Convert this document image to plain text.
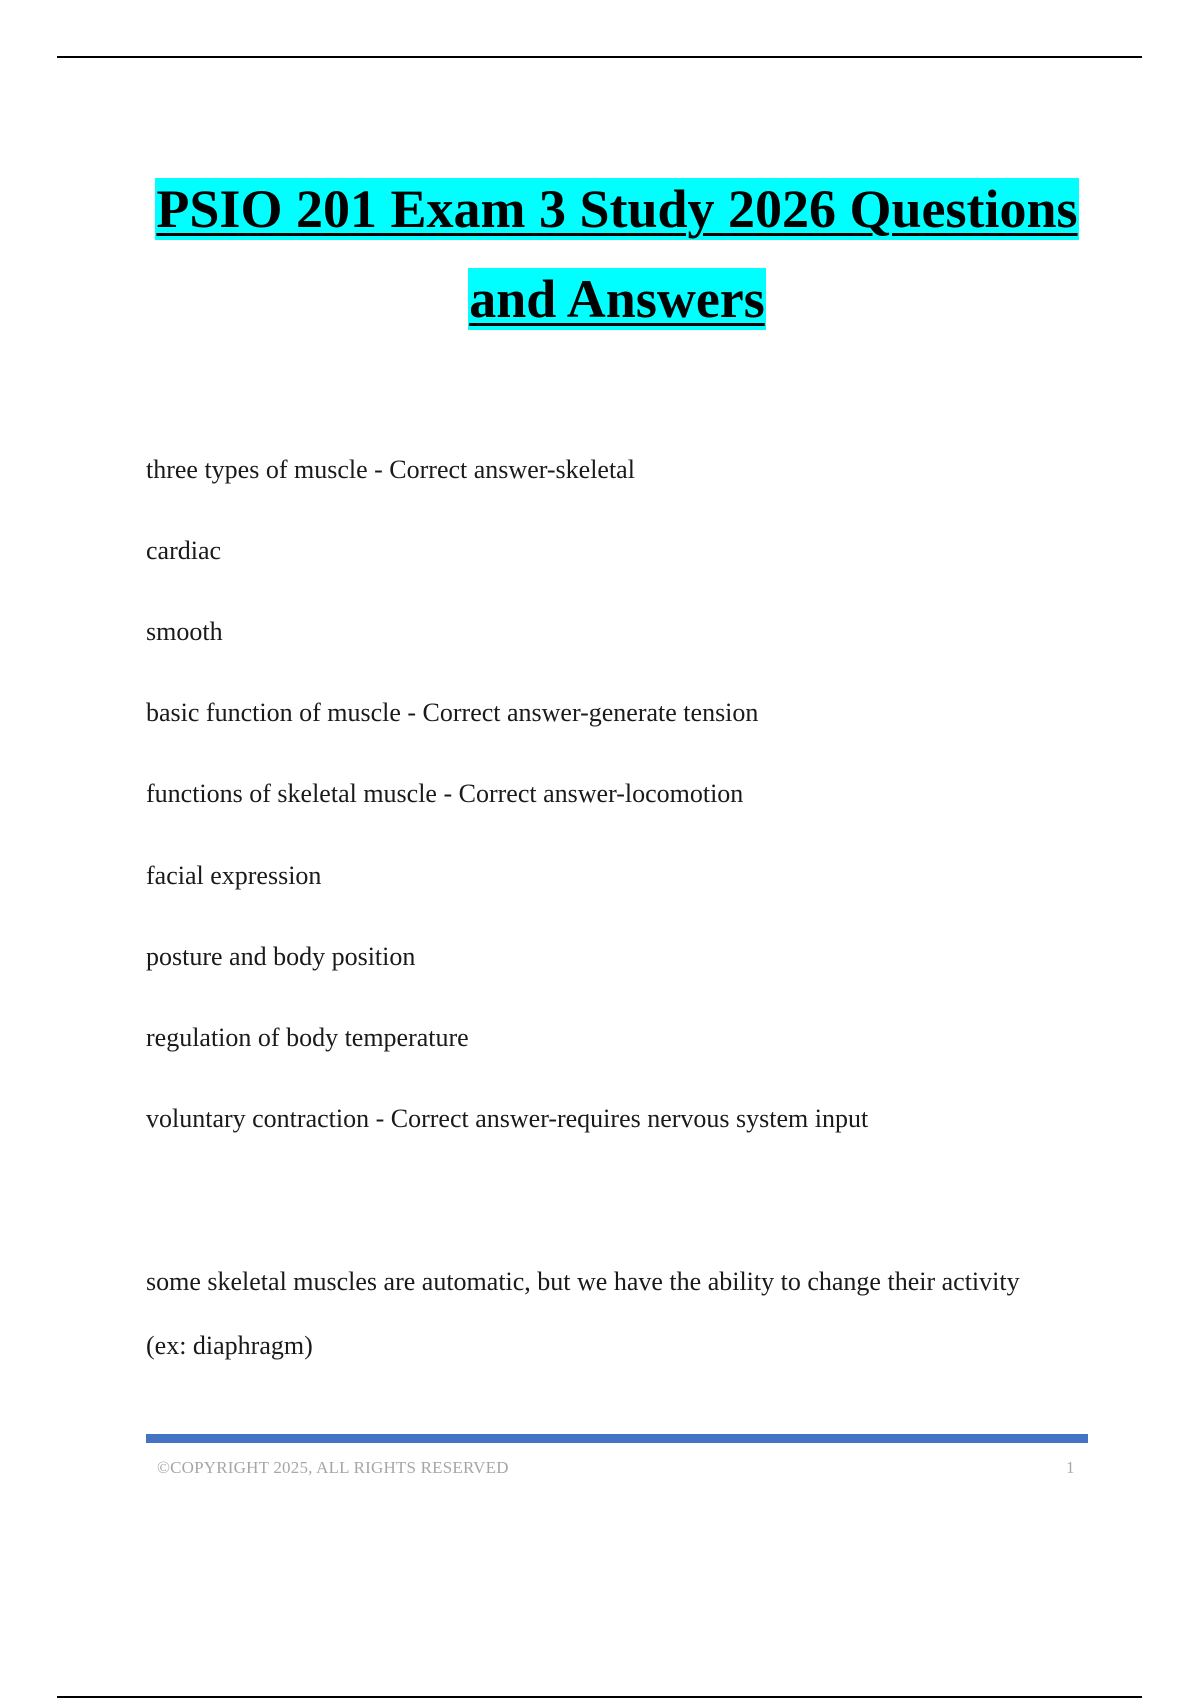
PSIO 201 Exam 3 Study 2026 Questions
and Answers
three types of muscle - Correct answer-skeletal
cardiac
smooth
basic function of muscle - Correct answer-generate tension
functions of skeletal muscle - Correct answer-locomotion
facial expression
posture and body position
regulation of body temperature
voluntary contraction - Correct answer-requires nervous system input
some skeletal muscles are automatic, but we have the ability to change their activity (ex: diaphragm)
©COPYRIGHT 2025, ALL RIGHTS RESERVED	1
